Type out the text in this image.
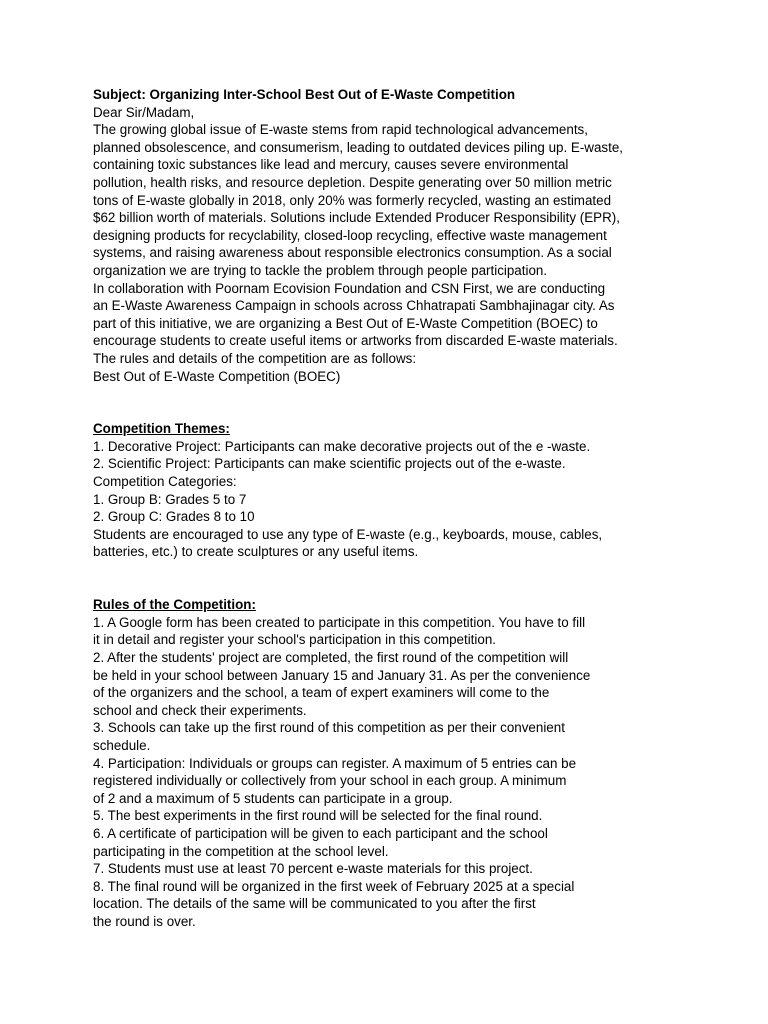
Subject: Organizing Inter-School Best Out of E-Waste Competition
Dear Sir/Madam,
The growing global issue of E-waste stems from rapid technological advancements,
planned obsolescence, and consumerism, leading to outdated devices piling up. E-waste,
containing toxic substances like lead and mercury, causes severe environmental
pollution, health risks, and resource depletion. Despite generating over 50 million metric
tons of E-waste globally in 2018, only 20% was formerly recycled, wasting an estimated
$62 billion worth of materials. Solutions include Extended Producer Responsibility (EPR),
designing products for recyclability, closed-loop recycling, effective waste management
systems, and raising awareness about responsible electronics consumption. As a social
organization we are trying to tackle the problem through people participation.
In collaboration with Poornam Ecovision Foundation and CSN First, we are conducting
an E-Waste Awareness Campaign in schools across Chhatrapati Sambhajinagar city. As
part of this initiative, we are organizing a Best Out of E-Waste Competition (BOEC) to
encourage students to create useful items or artworks from discarded E-waste materials.
The rules and details of the competition are as follows:
Best Out of E-Waste Competition (BOEC)
Competition Themes:
1. Decorative Project: Participants can make decorative projects out of the e -waste.
2. Scientific Project: Participants can make scientific projects out of the e-waste.
Competition Categories:
1. Group B: Grades 5 to 7
2. Group C: Grades 8 to 10
Students are encouraged to use any type of E-waste (e.g., keyboards, mouse, cables,
batteries, etc.) to create sculptures or any useful items.
Rules of the Competition:
1. A Google form has been created to participate in this competition. You have to fill
it in detail and register your school's participation in this competition.
2. After the students' project are completed, the first round of the competition will
be held in your school between January 15 and January 31. As per the convenience
of the organizers and the school, a team of expert examiners will come to the
school and check their experiments.
3. Schools can take up the first round of this competition as per their convenient
schedule.
4. Participation: Individuals or groups can register. A maximum of 5 entries can be
registered individually or collectively from your school in each group. A minimum
of 2 and a maximum of 5 students can participate in a group.
5. The best experiments in the first round will be selected for the final round.
6. A certificate of participation will be given to each participant and the school
participating in the competition at the school level.
7. Students must use at least 70 percent e-waste materials for this project.
8. The final round will be organized in the first week of February 2025 at a special
location. The details of the same will be communicated to you after the first
the round is over.
